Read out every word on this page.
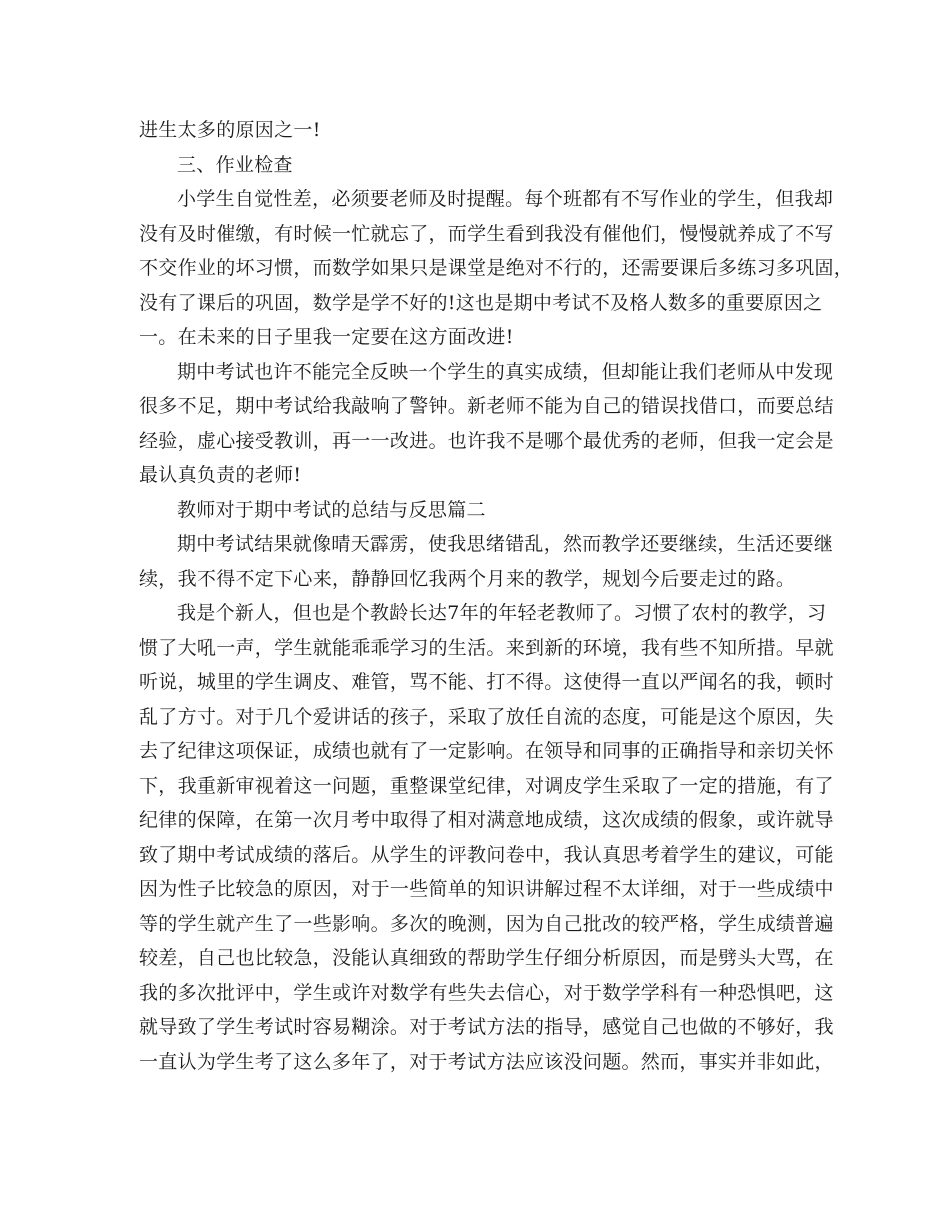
进生太多的原因之一!
三、作业检查
小学生自觉性差，必须要老师及时提醒。每个班都有不写作业的学生，但我却
没有及时催缴，有时候一忙就忘了，而学生看到我没有催他们，慢慢就养成了不写
不交作业的坏习惯，而数学如果只是课堂是绝对不行的，还需要课后多练习多巩固，
没有了课后的巩固，数学是学不好的!这也是期中考试不及格人数多的重要原因之
一。在未来的日子里我一定要在这方面改进!
期中考试也许不能完全反映一个学生的真实成绩，但却能让我们老师从中发现
很多不足，期中考试给我敲响了警钟。新老师不能为自己的错误找借口，而要总结
经验，虚心接受教训，再一一改进。也许我不是哪个最优秀的老师，但我一定会是
最认真负责的老师!
教师对于期中考试的总结与反思篇二
期中考试结果就像晴天霹雳，使我思绪错乱，然而教学还要继续，生活还要继
续，我不得不定下心来，静静回忆我两个月来的教学，规划今后要走过的路。
我是个新人，但也是个教龄长达7年的年轻老教师了。习惯了农村的教学，习
惯了大吼一声，学生就能乖乖学习的生活。来到新的环境，我有些不知所措。早就
听说，城里的学生调皮、难管，骂不能、打不得。这使得一直以严闻名的我，顿时
乱了方寸。对于几个爱讲话的孩子，采取了放任自流的态度，可能是这个原因，失
去了纪律这项保证，成绩也就有了一定影响。在领导和同事的正确指导和亲切关怀
下，我重新审视着这一问题，重整课堂纪律，对调皮学生采取了一定的措施，有了
纪律的保障，在第一次月考中取得了相对满意地成绩，这次成绩的假象，或许就导
致了期中考试成绩的落后。从学生的评教问卷中，我认真思考着学生的建议，可能
因为性子比较急的原因，对于一些简单的知识讲解过程不太详细，对于一些成绩中
等的学生就产生了一些影响。多次的晚测，因为自己批改的较严格，学生成绩普遍
较差，自己也比较急，没能认真细致的帮助学生仔细分析原因，而是劈头大骂，在
我的多次批评中，学生或许对数学有些失去信心，对于数学学科有一种恐惧吧，这
就导致了学生考试时容易糊涂。对于考试方法的指导，感觉自己也做的不够好，我
一直认为学生考了这么多年了，对于考试方法应该没问题。然而，事实并非如此，
